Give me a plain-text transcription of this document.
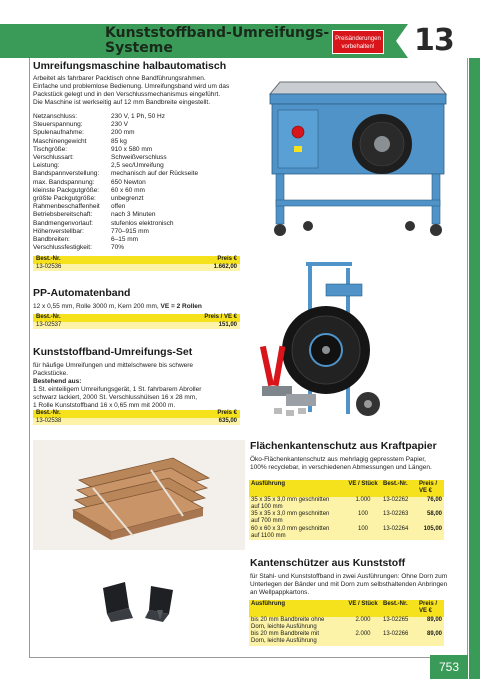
Kunststoffband-Umreifungs-
Systeme
Preisänderungen
vorbehalten! 13
Umreifungsmaschine halbautomatisch
Arbeitet als fahrbarer Packtisch ohne Bandführungsrahmen.
Einfache und problemlose Bedienung. Umreifungsband wird um das
Packstück gelegt und in den Verschlussmechanismus eingeführt.
Die Maschine ist werkseitig auf 12 mm Bandbreite eingestellt.
Netzanschluss:	230 V, 1 Ph, 50 Hz
Steuerspannung:	230 V
Spulenaufnahme:	200 mm
Maschinengewicht	85 kg
Tischgröße:	910 x 580 mm
Verschlussart:	Schweißverschluss
Leistung:	2,5 sec/Umreifung
Bandspannverstellung:	mechanisch auf der Rückseite
max. Bandspannung:	650 Newton
kleinste Packgutgröße:	60 x 60 mm
größte Packgutgröße:	unbegrenzt
Rahmenbeschaffenheit	offen
Betriebsbereitschaft:	nach 3 Minuten
Bandmengenvorlauf:	stufenlos elektronisch
Höhenverstellbar:	770–915 mm
Bandbreiten:	6–15 mm
Verschlussfestigkeit:	70%
Best.-Nr.	Preis €
13-02536	1.662,00
PP-Automatenband
12 x 0,55 mm, Rolle 3000 m, Kern 200 mm, VE = 2 Rollen
Best.-Nr.	Preis / VE €
13-02537	151,00
Kunststoffband-Umreifungs-Set
für häufige Umreifungen und mittelschwere bis schwere
Packstücke.
Bestehend aus:
1 St. einteiligem Umreifungsgerät, 1 St. fahrbarem Abroller
schwarz lackiert, 2000 St. Verschlusshülsen 16 x 28 mm,
1 Rolle Kunststoffband 16 x 0,65 mm mit 2000 m.
Best.-Nr.	Preis €
13-02538	635,00
Flächenkantenschutz aus Kraftpapier
Öko-Flächenkantenschutz aus mehrlagig gepresstem Papier,
100% recyclebar, in verschiedenen Abmessungen und Längen.
Ausführung	VE / Stück	Best.-Nr.	Preis / VE €

35 x 35 x 3,0 mm geschnitten
auf 100 mm	1.000	13-02262	76,00

35 x 35 x 3,0 mm geschnitten
auf 700 mm	100	13-02263	58,00

60 x 60 x 3,0 mm geschnitten
auf 1100 mm	100	13-02264	105,00
Kantenschützer aus Kunststoff
für Stahl- und Kunststoffband in zwei Ausführungen: Ohne Dorn zum
Unterlegen der Bänder und mit Dorn zum selbsthaltenden Anbringen
an Wellpappkartons.
Ausführung	VE / Stück	Best.-Nr.	Preis / VE €

bis 20 mm Bandbreite ohne
Dorn, leichte Ausführung	2.000	13-02265	89,00

bis 20 mm Bandbreite mit
Dorn, leichte Ausführung	2.000	13-02266	89,00
753
